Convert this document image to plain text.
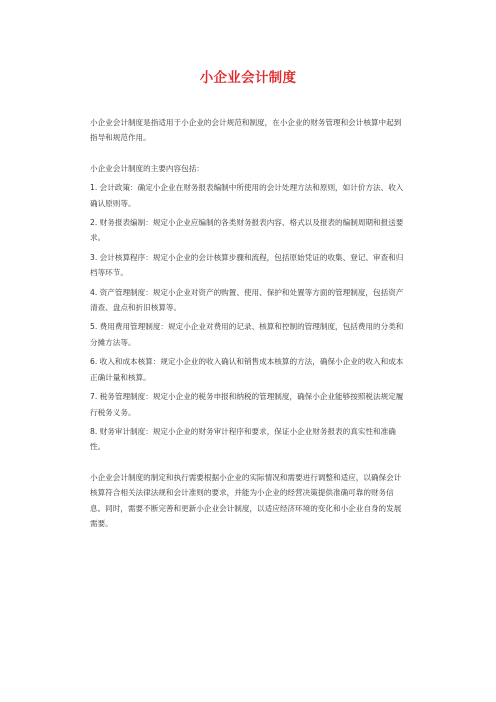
小企业会计制度

小企业会计制度是指适用于小企业的会计规范和制度，在小企业的财务管理和会计核算中起到指导和规范作用。

小企业会计制度的主要内容包括：

1. 会计政策：确定小企业在财务报表编制中所使用的会计处理方法和原则，如计价方法、收入确认原则等。

2. 财务报表编制：规定小企业应编制的各类财务报表内容、格式以及报表的编制周期和报送要求。

3. 会计核算程序：规定小企业的会计核算步骤和流程，包括原始凭证的收集、登记、审查和归档等环节。

4. 资产管理制度：规定小企业对资产的购置、使用、保护和处置等方面的管理制度，包括资产清查、盘点和折旧核算等。

5. 费用费用管理制度：规定小企业对费用的记录、核算和控制的管理制度，包括费用的分类和分摊方法等。

6. 收入和成本核算：规定小企业的收入确认和销售成本核算的方法，确保小企业的收入和成本正确计量和核算。

7. 税务管理制度：规定小企业的税务申报和纳税的管理制度，确保小企业能够按照税法规定履行税务义务。

8. 财务审计制度：规定小企业的财务审计程序和要求，保证小企业财务报表的真实性和准确性。

小企业会计制度的制定和执行需要根据小企业的实际情况和需要进行调整和适应，以确保会计核算符合相关法律法规和会计准则的要求，并能为小企业的经营决策提供准确可靠的财务信息。同时，需要不断完善和更新小企业会计制度，以适应经济环境的变化和小企业自身的发展需要。
